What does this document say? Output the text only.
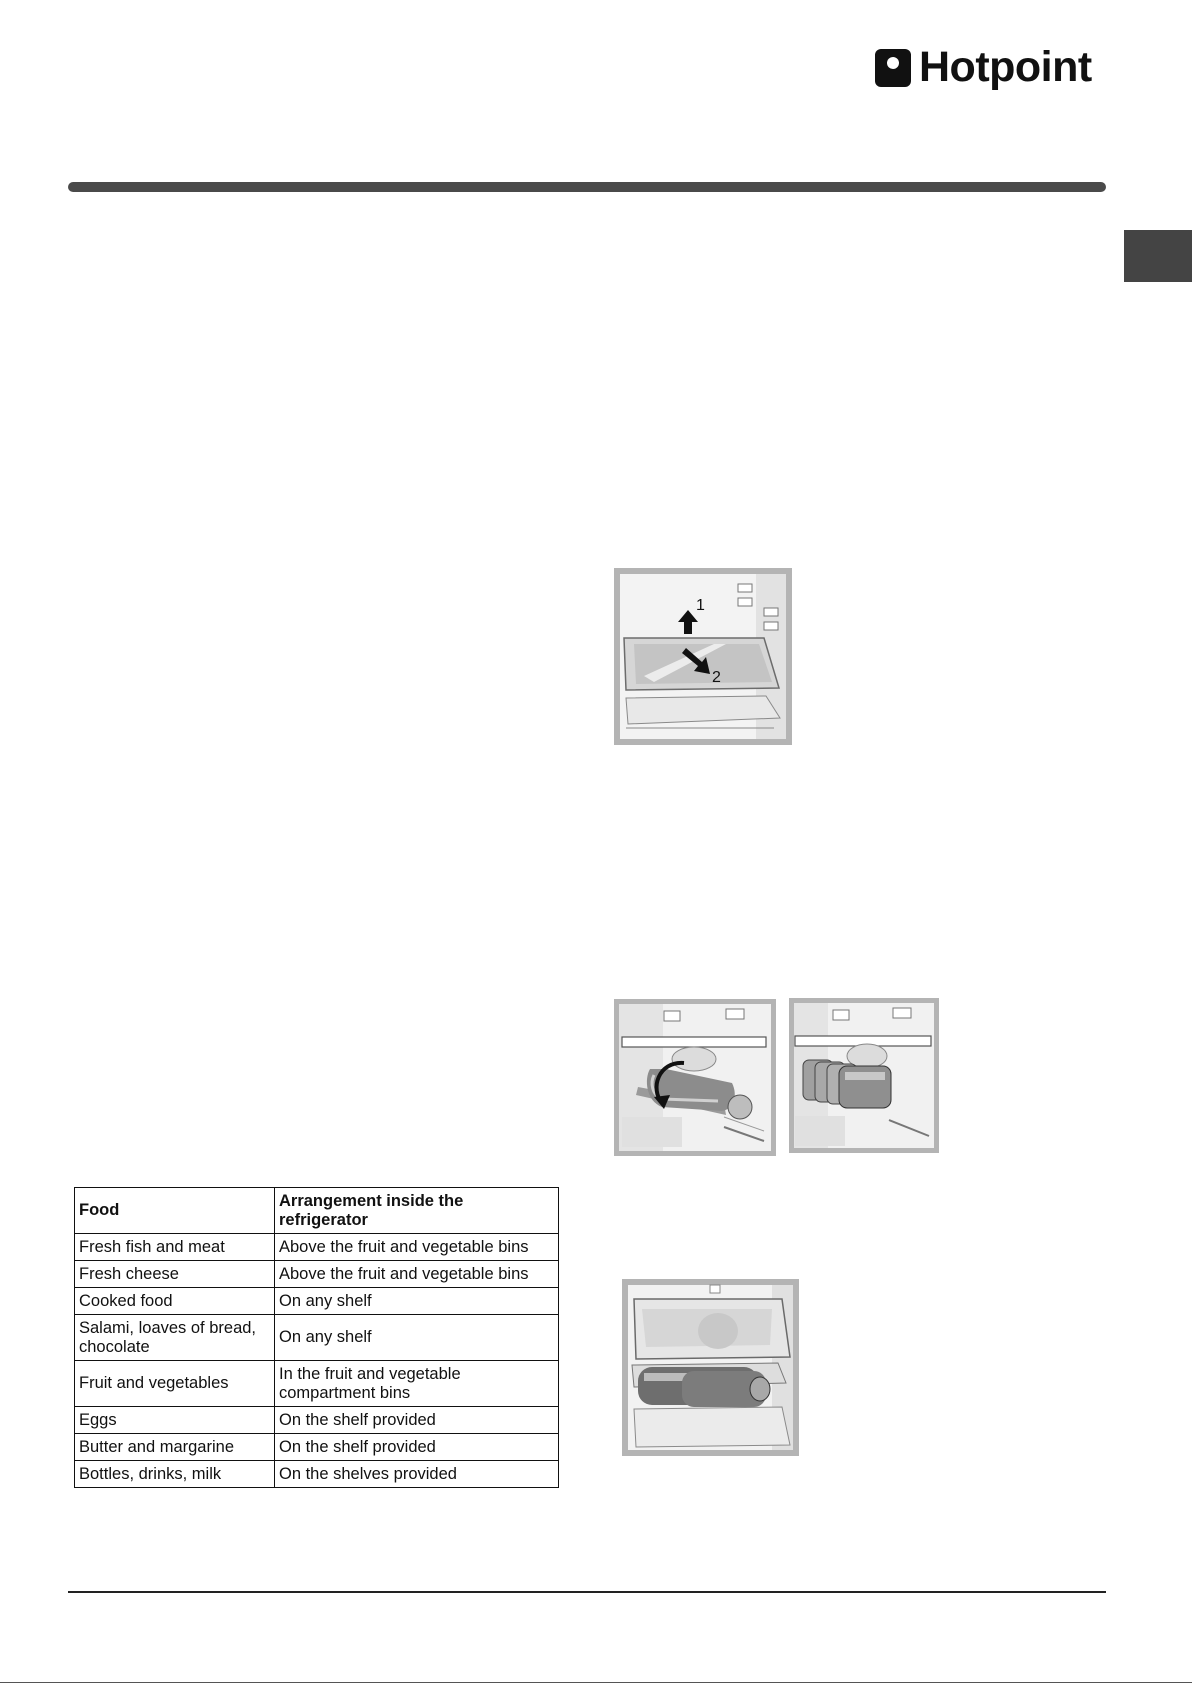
Hotpoint
1
2
Food	Arrangement inside the refrigerator
Fresh fish and meat	Above the fruit and vegetable bins
Fresh cheese	Above the fruit and vegetable bins
Cooked food	On any shelf
Salami, loaves of bread, chocolate	On any shelf
Fruit and vegetables	In the fruit and vegetable compartment bins
Eggs	On the shelf provided
Butter and margarine	On the shelf provided
Bottles, drinks, milk	On the shelves provided
